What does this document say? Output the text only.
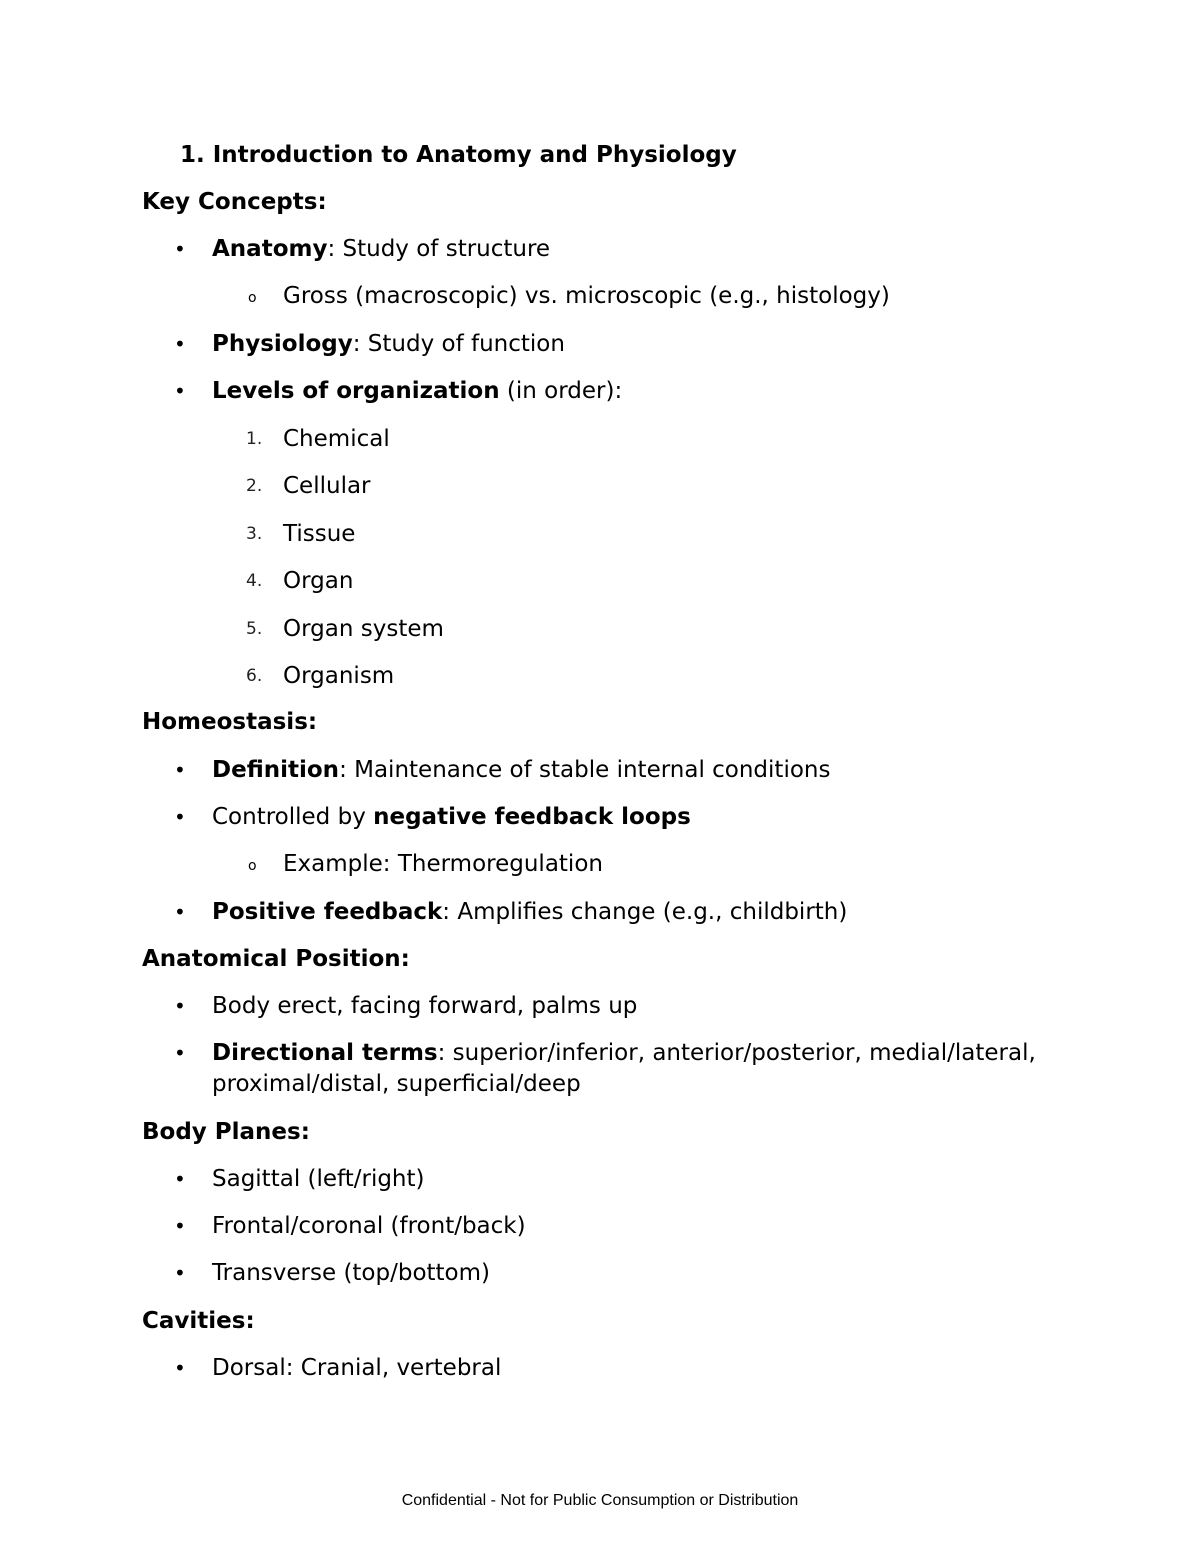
1. Introduction to Anatomy and Physiology
Key Concepts:
• Anatomy: Study of structure
o Gross (macroscopic) vs. microscopic (e.g., histology)
• Physiology: Study of function
• Levels of organization (in order):
1. Chemical
2. Cellular
3. Tissue
4. Organ
5. Organ system
6. Organism
Homeostasis:
• Definition: Maintenance of stable internal conditions
• Controlled by negative feedback loops
o Example: Thermoregulation
• Positive feedback: Amplifies change (e.g., childbirth)
Anatomical Position:
• Body erect, facing forward, palms up
• Directional terms: superior/inferior, anterior/posterior, medial/lateral,
proximal/distal, superficial/deep
Body Planes:
• Sagittal (left/right)
• Frontal/coronal (front/back)
• Transverse (top/bottom)
Cavities:
• Dorsal: Cranial, vertebral
Confidential - Not for Public Consumption or Distribution
